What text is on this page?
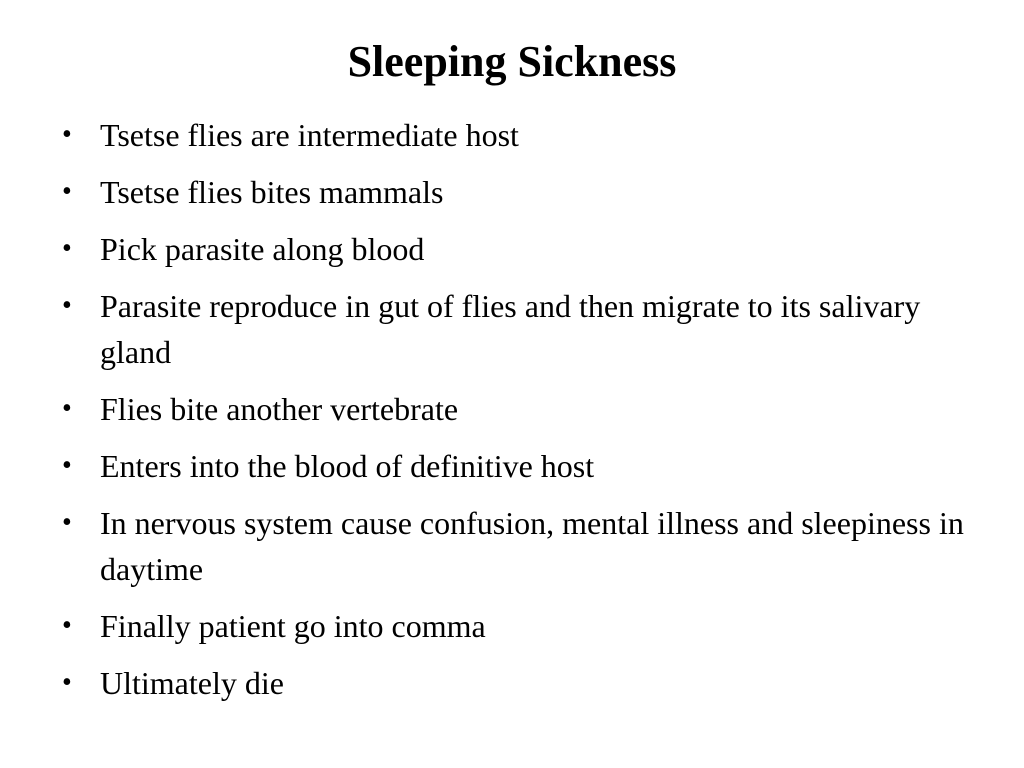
Sleeping Sickness
• Tsetse flies are intermediate host
• Tsetse flies bites mammals
• Pick parasite along blood
• Parasite reproduce in gut of flies and then migrate to its salivary gland
• Flies bite another vertebrate
• Enters into the blood of definitive host
• In nervous system cause confusion, mental illness and sleepiness in daytime
• Finally patient go into comma
• Ultimately die
